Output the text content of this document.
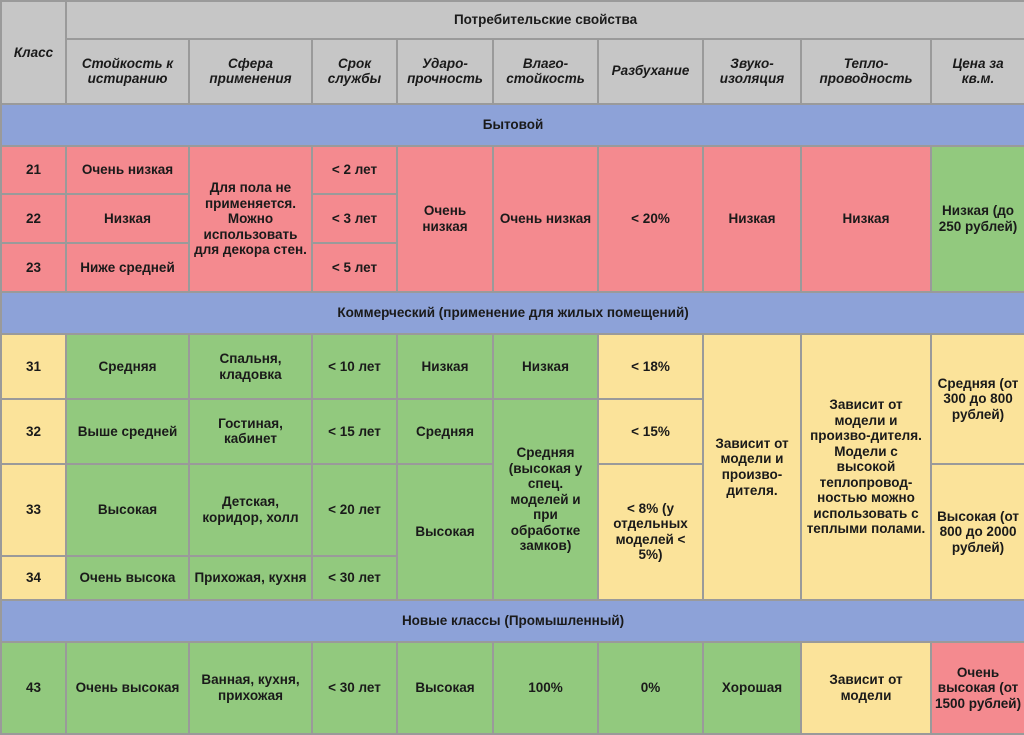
Класс	Потребительские свойства								
	Стойкость к истиранию	Сфера применения	Срок службы	Ударо-прочность	Влаго-стойкость	Разбухание	Звуко-изоляция	Тепло-проводность	Цена за кв.м.
Бытовой									
21	Очень низкая	Для пола не применяется. Можно использовать для декора стен.	< 2 лет	Очень низкая	Очень низкая	< 20%	Низкая	Низкая	Низкая (до 250 рублей)
22	Низкая		< 3 лет						
23	Ниже средней		< 5 лет						
Коммерческий (применение для жилых помещений)									
31	Средняя	Спальня, кладовка	< 10 лет	Низкая	Низкая	< 18%	Зависит от модели и произво-дителя.	Зависит от модели и произво-дителя. Модели с высокой теплопровод-ностью можно использовать с теплыми полами.	Средняя (от 300 до 800 рублей)
32	Выше средней	Гостиная, кабинет	< 15 лет	Средняя	Средняя (высокая у спец. моделей и при обработке замков)	< 15%			
33	Высокая	Детская, коридор, холл	< 20 лет	Высокая		< 8% (у отдельных моделей < 5%)			Высокая (от 800 до 2000 рублей)
34	Очень высока	Прихожая, кухня	< 30 лет						
Новые классы (Промышленный)									
43	Очень высокая	Ванная, кухня, прихожая	< 30 лет	Высокая	100%	0%	Хорошая	Зависит от модели	Очень высокая (от 1500 рублей)
